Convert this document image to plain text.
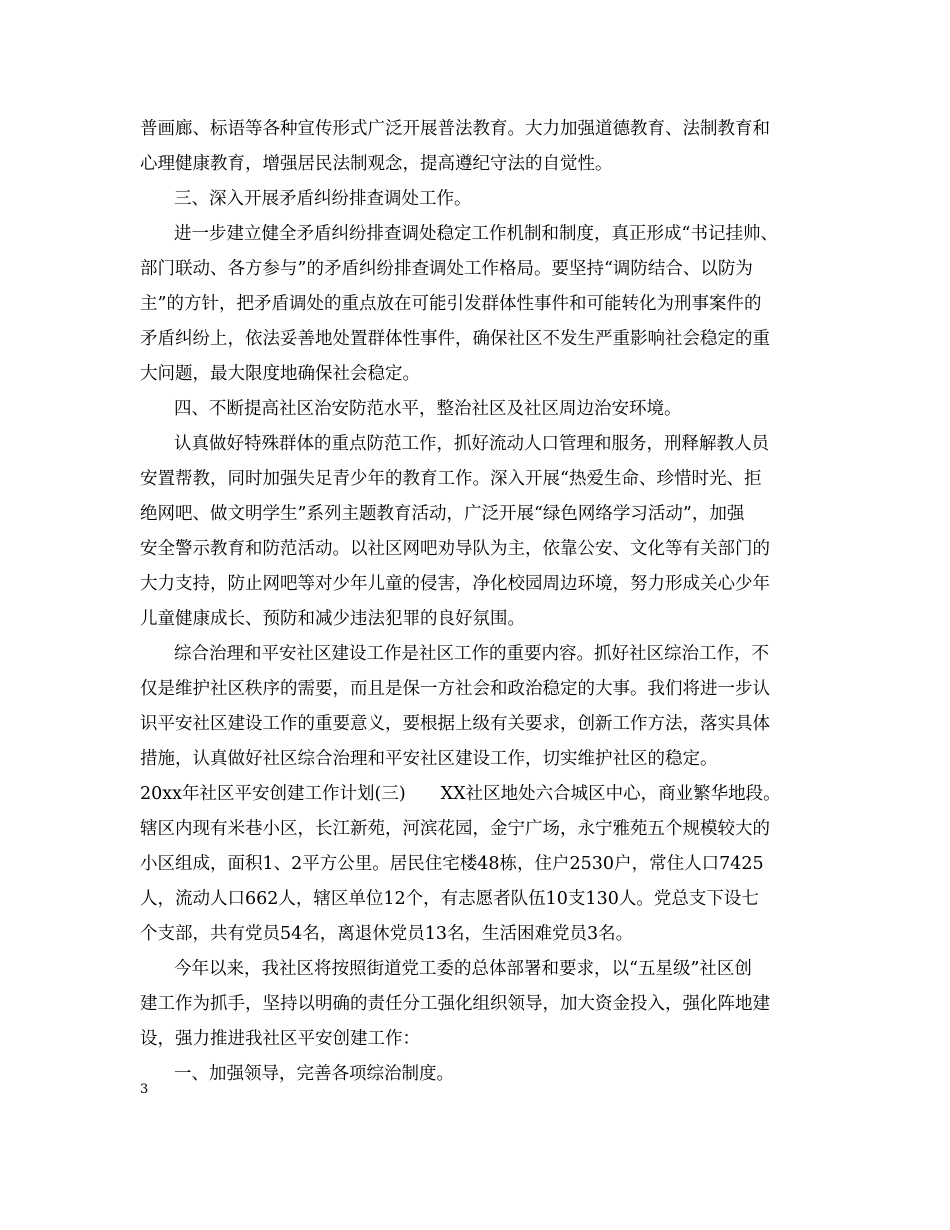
普画廊、标语等各种宣传形式广泛开展普法教育。大力加强道德教育、法制教育和
心理健康教育，增强居民法制观念，提高遵纪守法的自觉性。
三、深入开展矛盾纠纷排查调处工作。
进一步建立健全矛盾纠纷排查调处稳定工作机制和制度，真正形成“书记挂帅、
部门联动、各方参与”的矛盾纠纷排查调处工作格局。要坚持“调防结合、以防为
主”的方针，把矛盾调处的重点放在可能引发群体性事件和可能转化为刑事案件的
矛盾纠纷上，依法妥善地处置群体性事件，确保社区不发生严重影响社会稳定的重
大问题，最大限度地确保社会稳定。
四、不断提高社区治安防范水平，整治社区及社区周边治安环境。
认真做好特殊群体的重点防范工作，抓好流动人口管理和服务，刑释解教人员
安置帮教，同时加强失足青少年的教育工作。深入开展“热爱生命、珍惜时光、拒
绝网吧、做文明学生”系列主题教育活动，广泛开展“绿色网络学习活动”，加强
安全警示教育和防范活动。以社区网吧劝导队为主，依靠公安、文化等有关部门的
大力支持，防止网吧等对少年儿童的侵害，净化校园周边环境，努力形成关心少年
儿童健康成长、预防和减少违法犯罪的良好氛围。
综合治理和平安社区建设工作是社区工作的重要内容。抓好社区综治工作，不
仅是维护社区秩序的需要，而且是保一方社会和政治稳定的大事。我们将进一步认
识平安社区建设工作的重要意义，要根据上级有关要求，创新工作方法，落实具体
措施，认真做好社区综合治理和平安社区建设工作，切实维护社区的稳定。
20xx年社区平安创建工作计划(三)　　XX社区地处六合城区中心，商业繁华地段。
辖区内现有米巷小区，长江新苑，河滨花园，金宁广场，永宁雅苑五个规模较大的
小区组成，面积1、2平方公里。居民住宅楼48栋，住户2530户，常住人口7425
人，流动人口662人，辖区单位12个，有志愿者队伍10支130人。党总支下设七
个支部，共有党员54名，离退休党员13名，生活困难党员3名。
今年以来，我社区将按照街道党工委的总体部署和要求，以“五星级”社区创
建工作为抓手，坚持以明确的责任分工强化组织领导，加大资金投入，强化阵地建
设，强力推进我社区平安创建工作：
一、加强领导，完善各项综治制度。
3
